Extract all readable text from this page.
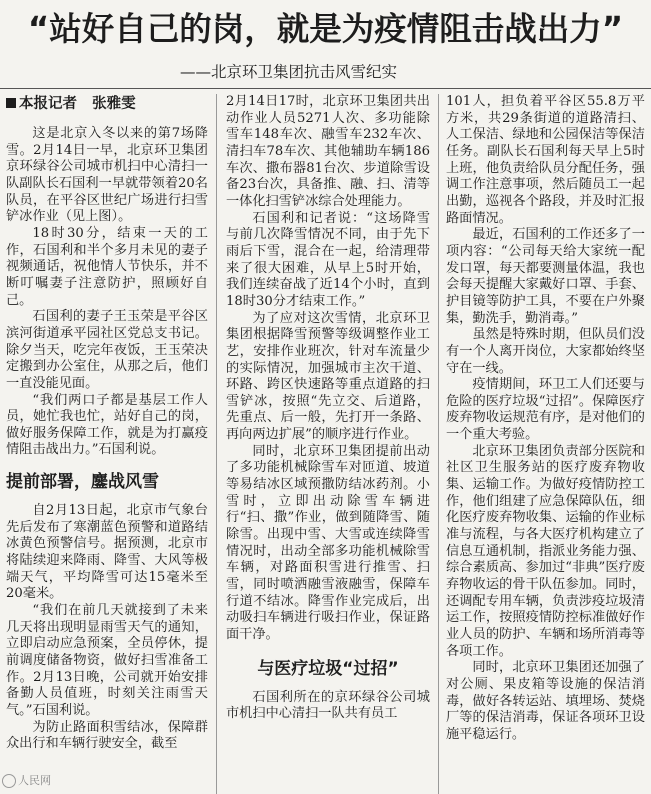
“站好自己的岗，就是为疫情阻击战出力”
——北京环卫集团抗击风雪纪实
本报记者 张雅雯

这是北京入冬以来的第7场降雪。2月14日一早，北京环卫集团京环绿谷公司城市机扫中心清扫一队副队长石国利一早就带领着20名队员，在平谷区世纪广场进行扫雪铲冰作业（见上图）。

18时30分，结束一天的工作，石国利和半个多月未见的妻子视频通话，祝他情人节快乐，并不断叮嘱妻子注意防护，照顾好自己。

石国利的妻子王玉荣是平谷区滨河街道承平园社区党总支书记。除夕当天，吃完年夜饭，王玉荣决定搬到办公室住，从那之后，他们一直没能见面。

“我们两口子都是基层工作人员，她忙我也忙，站好自己的岗，做好服务保障工作，就是为打赢疫情阻击战出力。”石国利说。

提前部署，鏖战风雪

自2月13日起，北京市气象台先后发布了寒潮蓝色预警和道路结冰黄色预警信号。据预测，北京市将陆续迎来降雨、降雪、大风等极端天气，平均降雪可达15毫米至20毫米。

“我们在前几天就接到了未来几天将出现明显雨雪天气的通知，立即启动应急预案，全员停休，提前调度储备物资，做好扫雪准备工作。2月13日晚，公司就开始安排备勤人员值班，时刻关注雨雪天气。”石国利说。

为防止路面积雪结冰，保障群众出行和车辆行驶安全，截至

2月14日17时，北京环卫集团共出动作业人员5271人次、多功能除雪车148车次、融雪车232车次、清扫车78车次、其他辅助车辆186车次、撒布器81台次、步道除雪设备23台次，具备推、融、扫、清等一体化扫雪铲冰综合处理能力。

石国利和记者说：“这场降雪与前几次降雪情况不同，由于先下雨后下雪，混合在一起，给清理带来了很大困难，从早上5时开始，我们连续奋战了近14个小时，直到18时30分才结束工作。”

为了应对这次雪情，北京环卫集团根据降雪预警等级调整作业工艺，安排作业班次，针对车流量少的实际情况，加强城市主次干道、环路、跨区快速路等重点道路的扫雪铲冰，按照“先立交、后道路，先重点、后一般，先打开一条路、再向两边扩展”的顺序进行作业。

同时，北京环卫集团提前出动了多功能机械除雪车对匝道、坡道等易结冰区域预撒防结冰药剂。小雪时，立即出动除雪车辆进行“扫、撒”作业，做到随降雪、随除雪。出现中雪、大雪或连续降雪情况时，出动全部多功能机械除雪车辆，对路面积雪进行推雪、扫雪，同时喷洒融雪液融雪，保障车行道不结冰。降雪作业完成后，出动吸扫车辆进行吸扫作业，保证路面干净。

与医疗垃圾“过招”

石国利所在的京环绿谷公司城市机扫中心清扫一队共有员工

101人，担负着平谷区55.8万平方米，共29条街道的道路清扫、人工保洁、绿地和公园保洁等保洁任务。副队长石国利每天早上5时上班，他负责给队员分配任务，强调工作注意事项，然后随员工一起出勤，巡视各个路段，并及时汇报路面情况。

最近，石国利的工作还多了一项内容：“公司每天给大家统一配发口罩，每天都要测量体温，我也会每天提醒大家戴好口罩、手套、护目镜等防护工具，不要在户外聚集，勤洗手，勤消毒。”

虽然是特殊时期，但队员们没有一个人离开岗位，大家都始终坚守在一线。

疫情期间，环卫工人们还要与危险的医疗垃圾“过招”。保障医疗废弃物收运规范有序，是对他们的一个重大考验。

北京环卫集团负责部分医院和社区卫生服务站的医疗废弃物收集、运输工作。为做好疫情防控工作，他们组建了应急保障队伍，细化医疗废弃物收集、运输的作业标准与流程，与各大医疗机构建立了信息互通机制，指派业务能力强、综合素质高、参加过“非典”医疗废弃物收运的骨干队伍参加。同时，还调配专用车辆，负责涉疫垃圾清运工作，按照疫情防控标准做好作业人员的防护、车辆和场所消毒等各项工作。

同时，北京环卫集团还加强了对公厕、果皮箱等设施的保洁消毒，做好各转运站、填埋场、焚烧厂等的保洁消毒，保证各项环卫设施平稳运行。

人民网
